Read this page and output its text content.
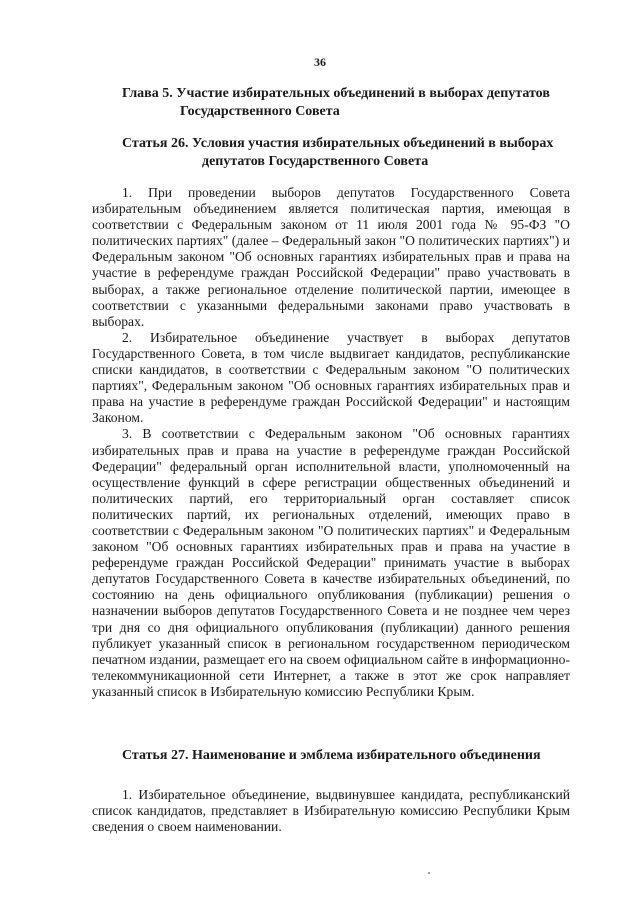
36
Глава 5. Участие избирательных объединений в выборах депутатов
Государственного Совета
Статья 26. Условия участия избирательных объединений в выборах
депутатов Государственного Совета

1. При проведении выборов депутатов Государственного Совета избирательным объединением является политическая партия, имеющая в соответствии с Федеральным законом от 11 июля 2001 года № 95-ФЗ "О политических партиях" (далее – Федеральный закон "О политических партиях") и Федеральным законом "Об основных гарантиях избирательных прав и права на участие в референдуме граждан Российской Федерации" право участвовать в выборах, а также региональное отделение политической партии, имеющее в соответствии с указанными федеральными законами право участвовать в выборах.

2. Избирательное объединение участвует в выборах депутатов Государственного Совета, в том числе выдвигает кандидатов, республиканские списки кандидатов, в соответствии с Федеральным законом "О политических партиях", Федеральным законом "Об основных гарантиях избирательных прав и права на участие в референдуме граждан Российской Федерации" и настоящим Законом.

3. В соответствии с Федеральным законом "Об основных гарантиях избирательных прав и права на участие в референдуме граждан Российской Федерации" федеральный орган исполнительной власти, уполномоченный на осуществление функций в сфере регистрации общественных объединений и политических партий, его территориальный орган составляет список политических партий, их региональных отделений, имеющих право в соответствии с Федеральным законом "О политических партиях" и Федеральным законом "Об основных гарантиях избирательных прав и права на участие в референдуме граждан Российской Федерации" принимать участие в выборах депутатов Государственного Совета в качестве избирательных объединений, по состоянию на день официального опубликования (публикации) решения о назначении выборов депутатов Государственного Совета и не позднее чем через три дня со дня официального опубликования (публикации) данного решения публикует указанный список в региональном государственном периодическом печатном издании, размещает его на своем официальном сайте в информационно-телекоммуникационной сети Интернет, а также в этот же срок направляет указанный список в Избирательную комиссию Республики Крым.

Статья 27. Наименование и эмблема избирательного объединения

1. Избирательное объединение, выдвинувшее кандидата, республиканский список кандидатов, представляет в Избирательную комиссию Республики Крым сведения о своем наименовании.
